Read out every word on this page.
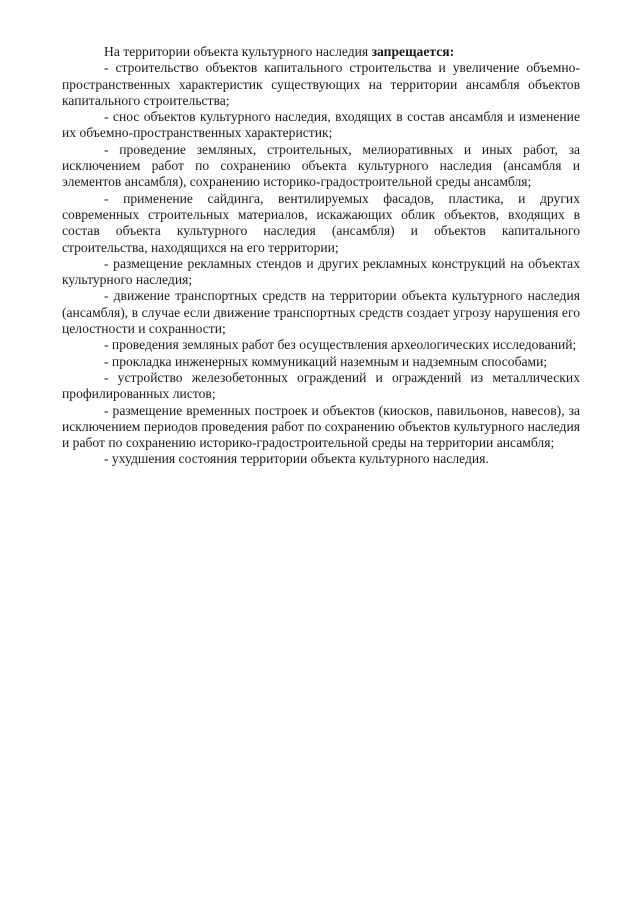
На территории объекта культурного наследия запрещается:

- строительство объектов капитального строительства и увеличение объемно-пространственных характеристик существующих на территории ансамбля объектов капитального строительства;

- снос объектов культурного наследия, входящих в состав ансамбля и изменение их объемно-пространственных характеристик;

- проведение земляных, строительных, мелиоративных и иных работ, за исключением работ по сохранению объекта культурного наследия (ансамбля и элементов ансамбля), сохранению историко-градостроительной среды ансамбля;

- применение сайдинга, вентилируемых фасадов, пластика, и других современных строительных материалов, искажающих облик объектов, входящих в состав объекта культурного наследия (ансамбля) и объектов капитального строительства, находящихся на его территории;

- размещение рекламных стендов и других рекламных конструкций на объектах культурного наследия;

- движение транспортных средств на территории объекта культурного наследия (ансамбля), в случае если движение транспортных средств создает угрозу нарушения его целостности и сохранности;

- проведения земляных работ без осуществления археологических исследований;

- прокладка инженерных коммуникаций наземным и надземным способами;

- устройство железобетонных ограждений и ограждений из металлических профилированных листов;

- размещение временных построек и объектов (киосков, павильонов, навесов), за исключением периодов проведения работ по сохранению объектов культурного наследия и работ по сохранению историко-градостроительной среды на территории ансамбля;

- ухудшения состояния территории объекта культурного наследия.
